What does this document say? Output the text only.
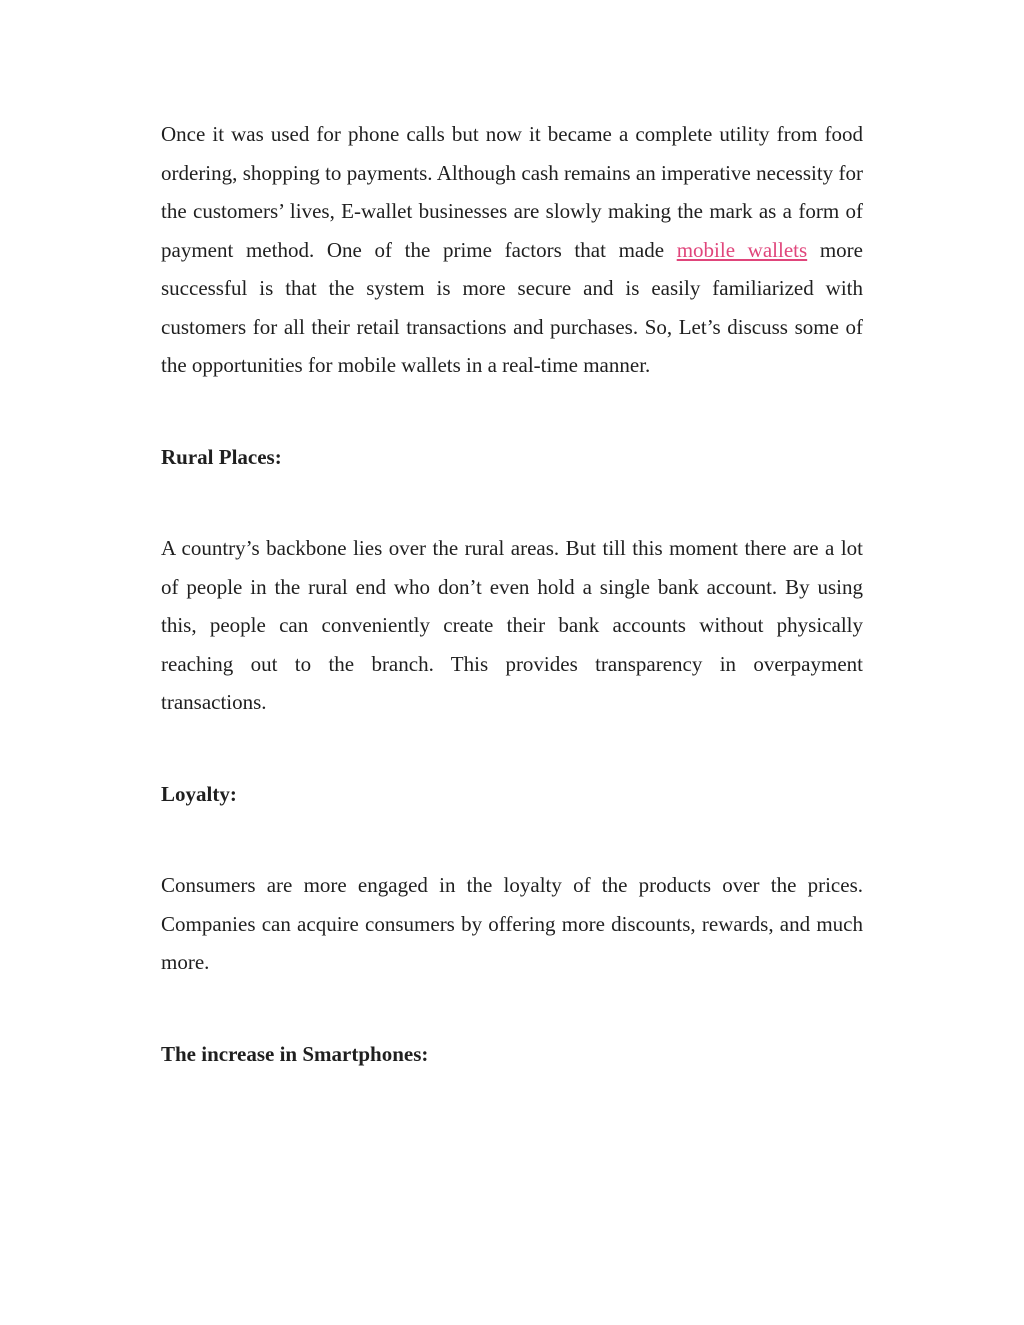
Once it was used for phone calls but now it became a complete utility from food ordering, shopping to payments. Although cash remains an imperative necessity for the customers’ lives, E-wallet businesses are slowly making the mark as a form of payment method. One of the prime factors that made mobile wallets more successful is that the system is more secure and is easily familiarized with customers for all their retail transactions and purchases. So, Let’s discuss some of the opportunities for mobile wallets in a real-time manner.

Rural Places:

A country’s backbone lies over the rural areas. But till this moment there are a lot of people in the rural end who don’t even hold a single bank account. By using this, people can conveniently create their bank accounts without physically reaching out to the branch. This provides transparency in overpayment transactions.

Loyalty:

Consumers are more engaged in the loyalty of the products over the prices. Companies can acquire consumers by offering more discounts, rewards, and much more.

The increase in Smartphones:
